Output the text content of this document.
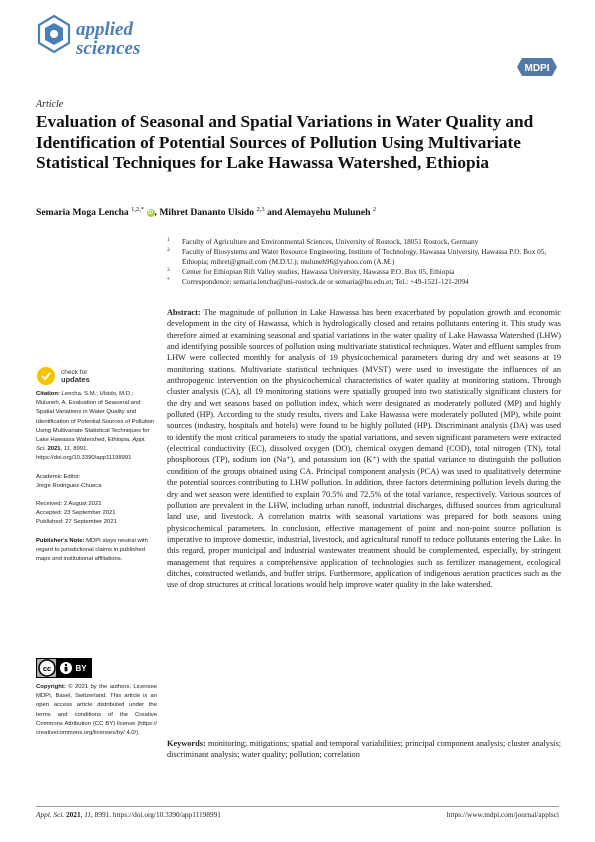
applied
sciences
MDPI
Article
Evaluation of Seasonal and Spatial Variations in Water Quality and Identification of Potential Sources of Pollution Using Multivariate Statistical Techniques for Lake Hawassa Watershed, Ethiopia
Semaria Moga Lencha $^{1,2,*}$ iD , Mihret Dananto Ulsido $^{2,3}$ and Alemayehu Muluneh $^2$
1 Faculty of Agriculture and Environmental Sciences, University of Rostock, 18051 Rostock, Germany
2 Faculty of Biosystems and Water Resource Engineering, Institute of Technology, Hawassa University, Hawassa P.O. Box 05, Ethiopia; mihret@gmail.com (M.D.U.); muluneh96@yahoo.com (A.M.)
3 Center for Ethiopian Rift Valley studies, Hawassa University, Hawassa P.O. Box 05, Ethiopia
* Correspondence: semaria.lencha@uni-rostock.de or semaria@hu.edu.et; Tel.: +49-1521-121-2094
Abstract: The magnitude of pollution in Lake Hawassa has been exacerbated by population growth and economic development in the city of Hawassa, which is hydrologically closed and retains pollutants entering it. This study was therefore aimed at examining seasonal and spatial variations in the water quality of Lake Hawassa Watershed (LHW) and identifying possible sources of pollution using multivariate statistical techniques. Water and effluent samples from LHW were collected monthly for analysis of 19 physicochemical parameters during dry and wet seasons at 19 monitoring stations. Multivariate statistical techniques (MVST) were used to investigate the influences of an anthropogenic intervention on the physicochemical characteristics of water quality at monitoring stations. Through cluster analysis (CA), all 19 monitoring stations were spatially grouped into two statistically significant clusters for the dry and wet seasons based on pollution index, which were designated as moderately polluted (MP) and highly polluted (HP). According to the study results, rivers and Lake Hawassa were moderately polluted (MP), while point sources (industry, hospitals and hotels) were found to be highly polluted (HP). Discriminant analysis (DA) was used to identify the most critical parameters to study the spatial variations, and seven significant parameters were extracted (electrical conductivity (EC), dissolved oxygen (DO), chemical oxygen demand (COD), total nitrogen (TN), total phosphorous (TP), sodium ion (Na⁺), and potassium ion (K⁺) with the spatial variance to distinguish the pollution condition of the groups obtained using CA. Principal component analysis (PCA) was used to qualitatively determine the potential sources contributing to LHW pollution. In addition, three factors determining pollution levels during the dry and wet season were identified to explain 70.5% and 72.5% of the total variance, respectively. Various sources of pollution are prevalent in the LHW, including urban runoff, industrial discharges, diffused sources from agricultural land use, and livestock. A correlation matrix with seasonal variations was prepared for both seasons using physicochemical parameters. In conclusion, effective management of point and non-point source pollution is imperative to improve domestic, industrial, livestock, and agricultural runoff to reduce pollutants entering the Lake. In this regard, proper municipal and industrial wastewater treatment should be complemented, especially, by stringent management that requires a comprehensive application of technologies such as fertilizer management, ecological ditches, constructed wetlands, and buffer strips. Furthermore, application of indigenous aeration practices such as the use of drop structures at critical locations would help improve water quality in the lake watershed.
Keywords: monitoring; mitigations; spatial and temporal variabilities; principal component analysis; cluster analysis; discriminant analysis; water quality; pollution; correlation
check for
updates

Citation: Lencha, S.M.; Ulsido, M.D.; Muluneh, A. Evaluation of Seasonal and Spatial Variations in Water Quality and Identification of Potential Sources of Pollution Using Multivariate Statistical Techniques for Lake Hawassa Watershed, Ethiopia. Appl. Sci. 2021, 11, 8991. https://doi.org/10.3390/app11198991

Academic Editor:
Jorge Rodriguez-Chueca

Received: 2 August 2021
Accepted: 23 September 2021
Published: 27 September 2021

Publisher’s Note: MDPI stays neutral with regard to jurisdictional claims in published maps and institutional affiliations.

cc	BY
Copyright: © 2021 by the authors. Licensee MDPI, Basel, Switzerland. This article is an open access article distributed under the terms and conditions of the Creative Commons Attribution (CC BY) license (https:// creativecommons.org/licenses/by/ 4.0/).
Appl. Sci. 2021, 11, 8991. https://doi.org/10.3390/app11198991	https://www.mdpi.com/journal/applsci
